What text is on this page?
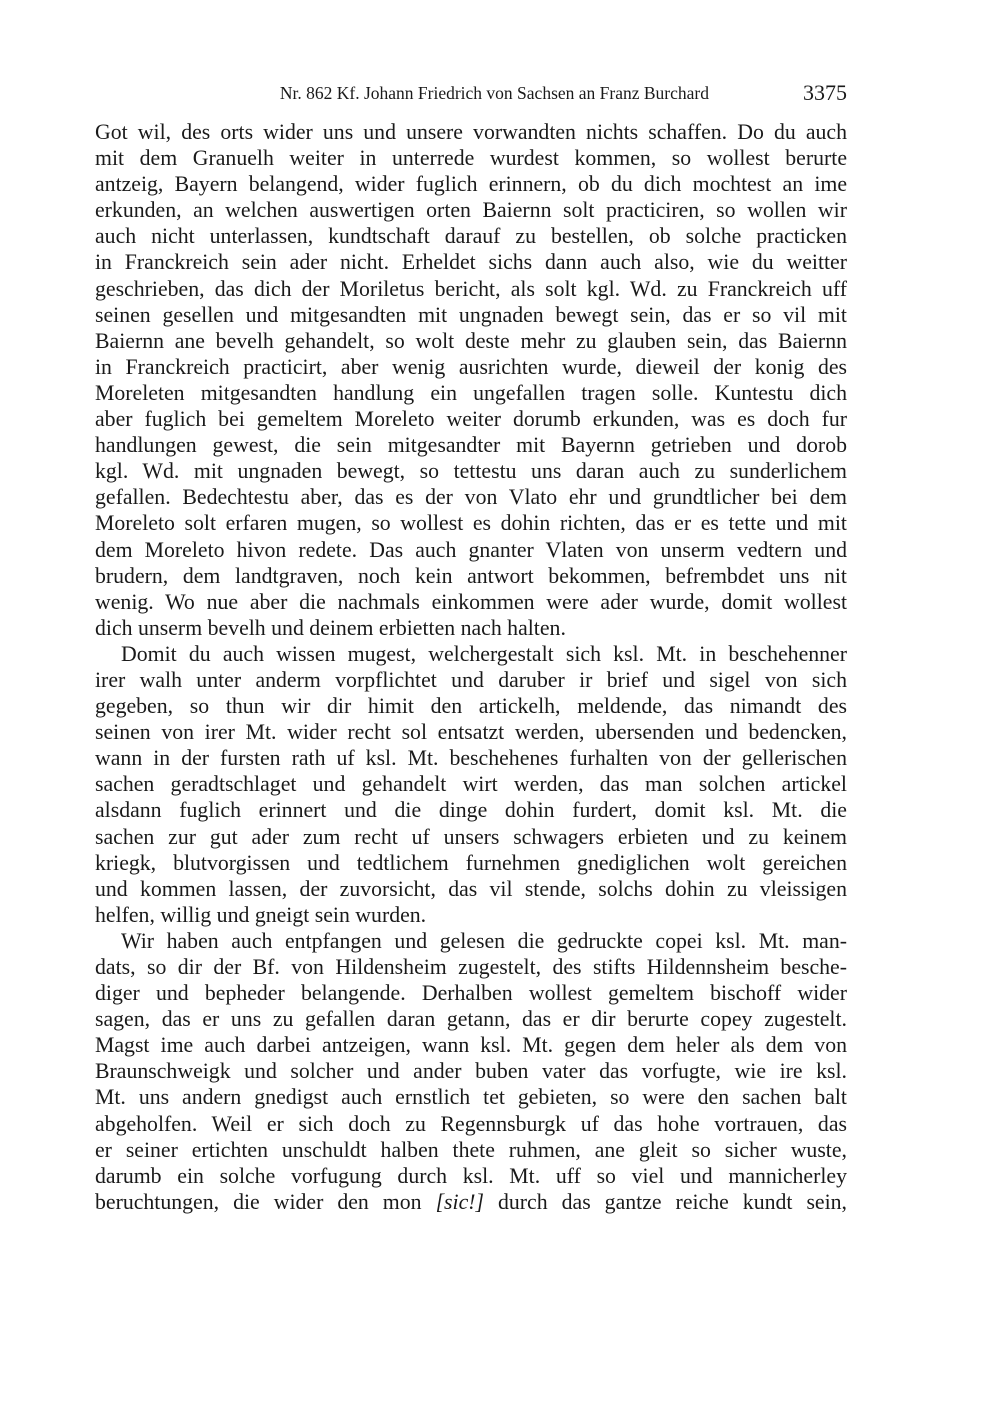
Nr. 862 Kf. Johann Friedrich von Sachsen an Franz Burchard	3375
Got wil, des orts wider uns und unsere vorwandten nichts schaffen. Do du auch
mit dem Granuelh weiter in unterrede wurdest kommen, so wollest berurte
antzeig, Bayern belangend, wider fuglich erinnern, ob du dich mochtest an ime
erkunden, an welchen auswertigen orten Baiernn solt practiciren, so wollen wir
auch nicht unterlassen, kundtschaft darauf zu bestellen, ob solche practicken
in Franckreich sein ader nicht. Erheldet sichs dann auch also, wie du weitter
geschrieben, das dich der Moriletus bericht, als solt kgl. Wd. zu Franckreich uff
seinen gesellen und mitgesandten mit ungnaden bewegt sein, das er so vil mit
Baiernn ane bevelh gehandelt, so wolt deste mehr zu glauben sein, das Baiernn
in Franckreich practicirt, aber wenig ausrichten wurde, dieweil der konig des
Moreleten mitgesandten handlung ein ungefallen tragen solle. Kuntestu dich
aber fuglich bei gemeltem Moreleto weiter dorumb erkunden, was es doch fur
handlungen gewest, die sein mitgesandter mit Bayernn getrieben und dorob
kgl. Wd. mit ungnaden bewegt, so tettestu uns daran auch zu sunderlichem
gefallen. Bedechtestu aber, das es der von Vlato ehr und grundtlicher bei dem
Moreleto solt erfaren mugen, so wollest es dohin richten, das er es tette und mit
dem Moreleto hivon redete. Das auch gnanter Vlaten von unserm vedtern und
brudern, dem landtgraven, noch kein antwort bekommen, befrembdet uns nit
wenig. Wo nue aber die nachmals einkommen were ader wurde, domit wollest
dich unserm bevelh und deinem erbietten nach halten.
Domit du auch wissen mugest, welchergestalt sich ksl. Mt. in beschehenner
irer walh unter anderm vorpflichtet und daruber ir brief und sigel von sich
gegeben, so thun wir dir himit den artickelh, meldende, das nimandt des
seinen von irer Mt. wider recht sol entsatzt werden, ubersenden und bedencken,
wann in der fursten rath uf ksl. Mt. beschehenes furhalten von der gellerischen
sachen geradtschlaget und gehandelt wirt werden, das man solchen artickel
alsdann fuglich erinnert und die dinge dohin furdert, domit ksl. Mt. die
sachen zur gut ader zum recht uf unsers schwagers erbieten und zu keinem
kriegk, blutvorgissen und tedtlichem furnehmen gnediglichen wolt gereichen
und kommen lassen, der zuvorsicht, das vil stende, solchs dohin zu vleissigen
helfen, willig und gneigt sein wurden.
Wir haben auch entpfangen und gelesen die gedruckte copei ksl. Mt. man-
dats, so dir der Bf. von Hildensheim zugestelt, des stifts Hildennsheim besche-
diger und bepheder belangende. Derhalben wollest gemeltem bischoff wider
sagen, das er uns zu gefallen daran getann, das er dir berurte copey zugestelt.
Magst ime auch darbei antzeigen, wann ksl. Mt. gegen dem heler als dem von
Braunschweigk und solcher und ander buben vater das vorfugte, wie ire ksl.
Mt. uns andern gnedigst auch ernstlich tet gebieten, so were den sachen balt
abgeholfen. Weil er sich doch zu Regennsburgk uf das hohe vortrauen, das
er seiner ertichten unschuldt halben thete ruhmen, ane gleit so sicher wuste,
darumb ein solche vorfugung durch ksl. Mt. uff so viel und mannicherley
beruchtungen, die wider den mon [sic!] durch das gantze reiche kundt sein,
